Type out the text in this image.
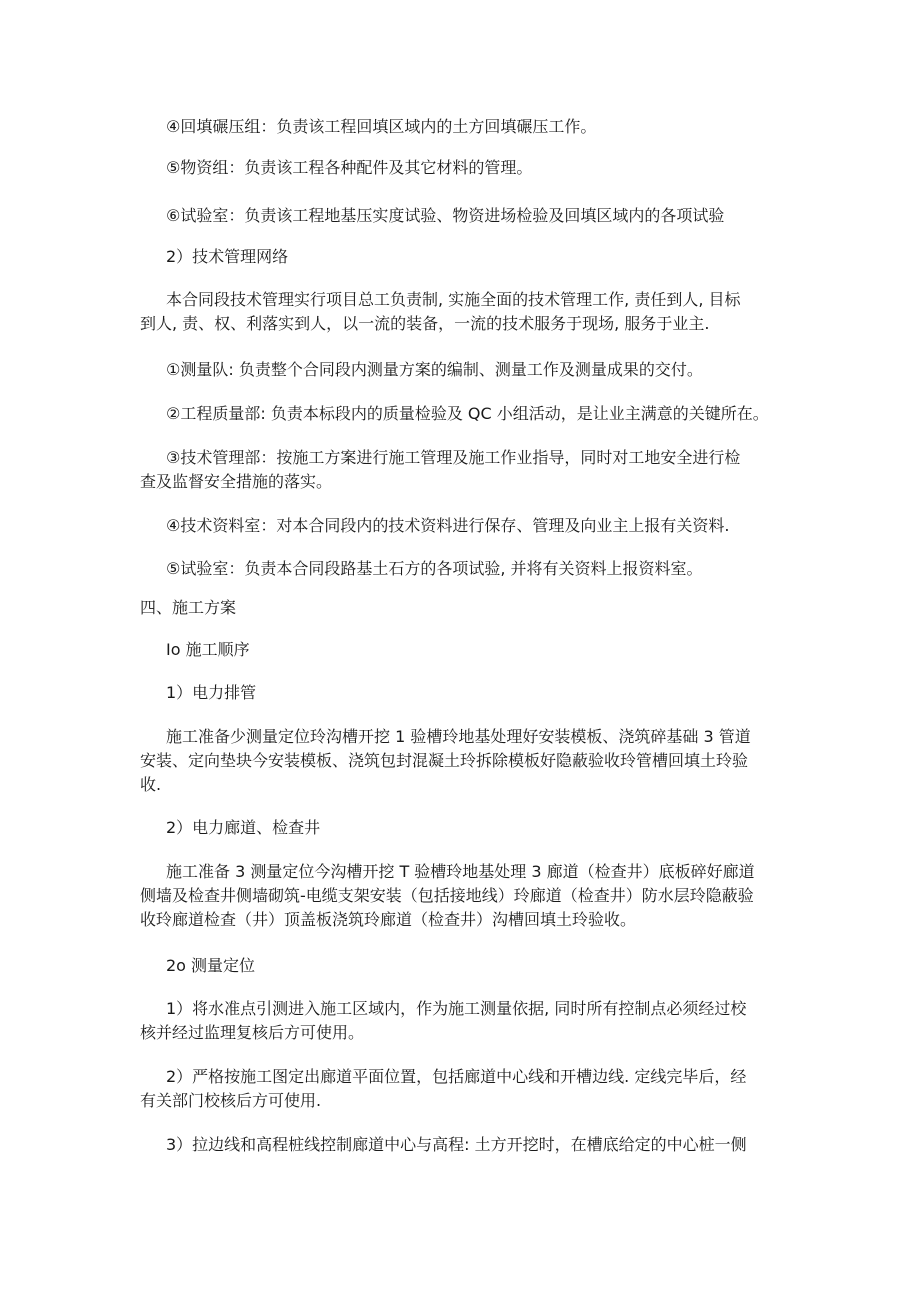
④回填碾压组：负责该工程回填区域内的土方回填碾压工作。
⑤物资组：负责该工程各种配件及其它材料的管理。
⑥试验室：负责该工程地基压实度试验、物资进场检验及回填区域内的各项试验
2）技术管理网络
本合同段技术管理实行项目总工负责制, 实施全面的技术管理工作, 责任到人, 目标
到人, 责、权、利落实到人，以一流的装备，一流的技术服务于现场, 服务于业主.
①测量队: 负责整个合同段内测量方案的编制、测量工作及测量成果的交付。
②工程质量部: 负责本标段内的质量检验及 QC 小组活动，是让业主满意的关键所在。
③技术管理部：按施工方案进行施工管理及施工作业指导，同时对工地安全进行检
查及监督安全措施的落实。
④技术资料室：对本合同段内的技术资料进行保存、管理及向业主上报有关资料.
⑤试验室：负责本合同段路基土石方的各项试验, 并将有关资料上报资料室。
四、施工方案
Io 施工顺序
1）电力排管
施工准备少测量定位玲沟槽开挖 1 验槽玲地基处理好安装模板、浇筑碎基础 3 管道
安装、定向垫块今安装模板、浇筑包封混凝土玲拆除模板好隐蔽验收玲管槽回填土玲验
收.
2）电力廊道、检查井
施工准备 3 测量定位今沟槽开挖 T 验槽玲地基处理 3 廊道（检查井）底板碎好廊道
侧墙及检查井侧墙砌筑-电缆支架安装（包括接地线）玲廊道（检查井）防水层玲隐蔽验
收玲廊道检查（井）顶盖板浇筑玲廊道（检查井）沟槽回填土玲验收。
2o 测量定位
1）将水准点引测进入施工区域内，作为施工测量依据, 同时所有控制点必须经过校
核并经过监理复核后方可使用。
2）严格按施工图定出廊道平面位置，包括廊道中心线和开槽边线. 定线完毕后，经
有关部门校核后方可使用.
3）拉边线和高程桩线控制廊道中心与高程: 土方开挖时，在槽底给定的中心桩一侧
